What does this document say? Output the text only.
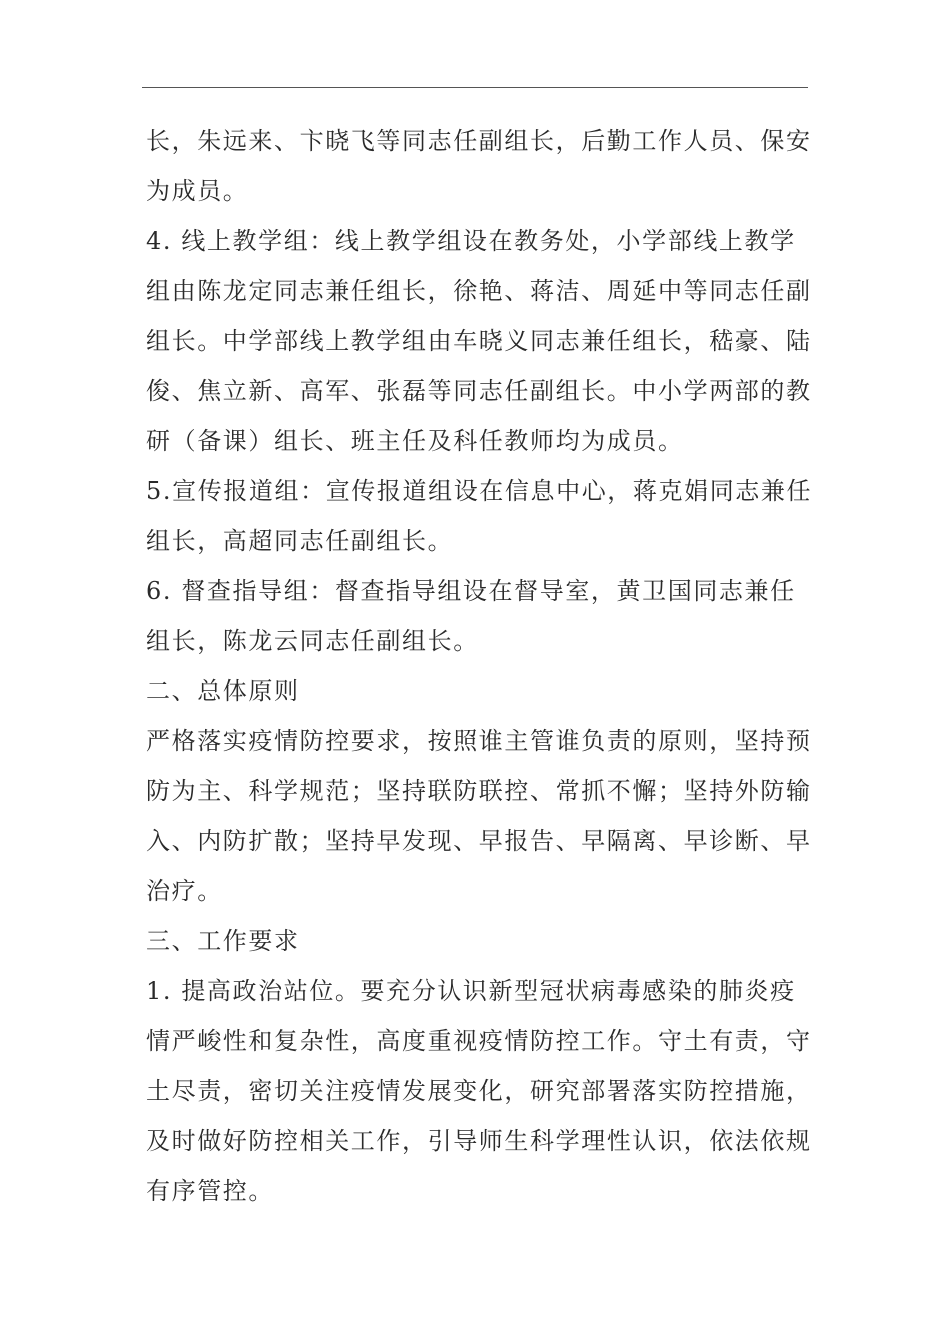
长，朱远来、卞晓飞等同志任副组长，后勤工作人员、保安
为成员。
4. 线上教学组：线上教学组设在教务处，小学部线上教学
组由陈龙定同志兼任组长，徐艳、蒋洁、周延中等同志任副
组长。中学部线上教学组由车晓义同志兼任组长，嵇豪、陆
俊、焦立新、高军、张磊等同志任副组长。中小学两部的教
研（备课）组长、班主任及科任教师均为成员。
5.宣传报道组：宣传报道组设在信息中心，蒋克娟同志兼任
组长，高超同志任副组长。
6. 督查指导组：督查指导组设在督导室，黄卫国同志兼任
组长，陈龙云同志任副组长。
二、总体原则
严格落实疫情防控要求，按照谁主管谁负责的原则，坚持预
防为主、科学规范；坚持联防联控、常抓不懈；坚持外防输
入、内防扩散；坚持早发现、早报告、早隔离、早诊断、早
治疗。
三、工作要求
1. 提高政治站位。要充分认识新型冠状病毒感染的肺炎疫
情严峻性和复杂性，高度重视疫情防控工作。守土有责，守
土尽责，密切关注疫情发展变化，研究部署落实防控措施，
及时做好防控相关工作，引导师生科学理性认识，依法依规
有序管控。
